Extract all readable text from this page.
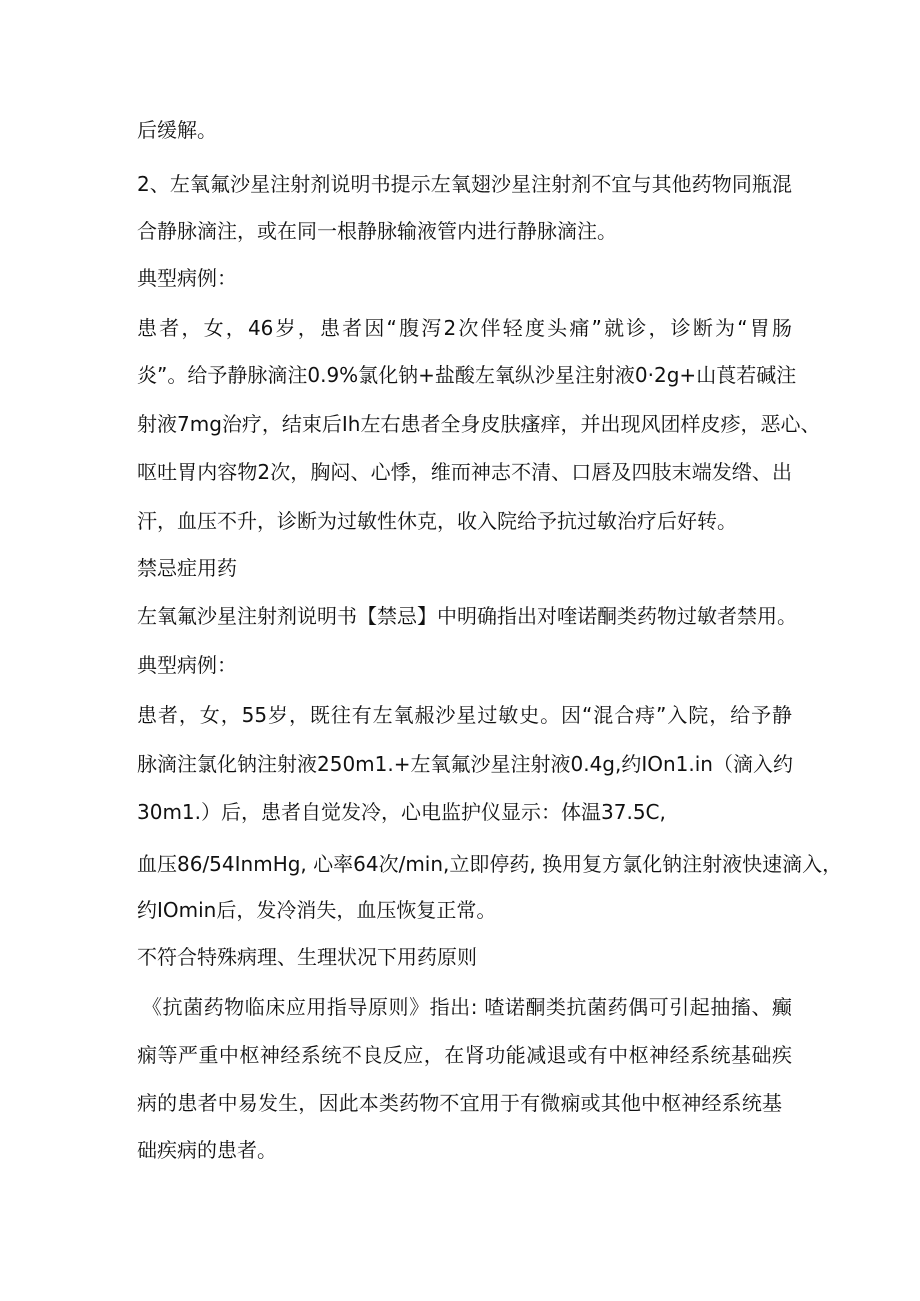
后缓解。
2、左氧氟沙星注射剂说明书提示左氧翅沙星注射剂不宜与其他药物同瓶混
合静脉滴注，或在同一根静脉输液管内进行静脉滴注。
典型病例：
患者，女，46岁，患者因“腹泻2次伴轻度头痛”就诊，诊断为“胃肠
炎”。给予静脉滴注0.9%氯化钠+盐酸左氧纵沙星注射液0·2g+山莨若碱注
射液7mg治疗，结束后Ih左右患者全身皮肤瘙痒，并出现风团样皮疹，恶心、
呕吐胃内容物2次，胸闷、心悸，维而神志不清、口唇及四肢末端发绺、出
汗，血压不升，诊断为过敏性休克，收入院给予抗过敏治疗后好转。
禁忌症用药
左氧氟沙星注射剂说明书【禁忌】中明确指出对喹诺酮类药物过敏者禁用。
典型病例：
患者，女，55岁，既往有左氧赧沙星过敏史。因“混合痔”入院，给予静
脉滴注氯化钠注射液250m1.+左氧氟沙星注射液0.4g,约IOn1.in（滴入约
30m1.）后，患者自觉发冷，心电监护仪显示：体温37.5C,
血压86/54InmHg, 心率64次/min,立即停药, 换用复方氯化钠注射液快速滴入，
约IOmin后，发冷消失，血压恢复正常。
不符合特殊病理、生理状况下用药原则
《抗菌药物临床应用指导原则》指出: 喳诺酮类抗菌药偶可引起抽搐、癫
痫等严重中枢神经系统不良反应，在肾功能减退或有中枢神经系统基础疾
病的患者中易发生，因此本类药物不宜用于有微痫或其他中枢神经系统基
础疾病的患者。
